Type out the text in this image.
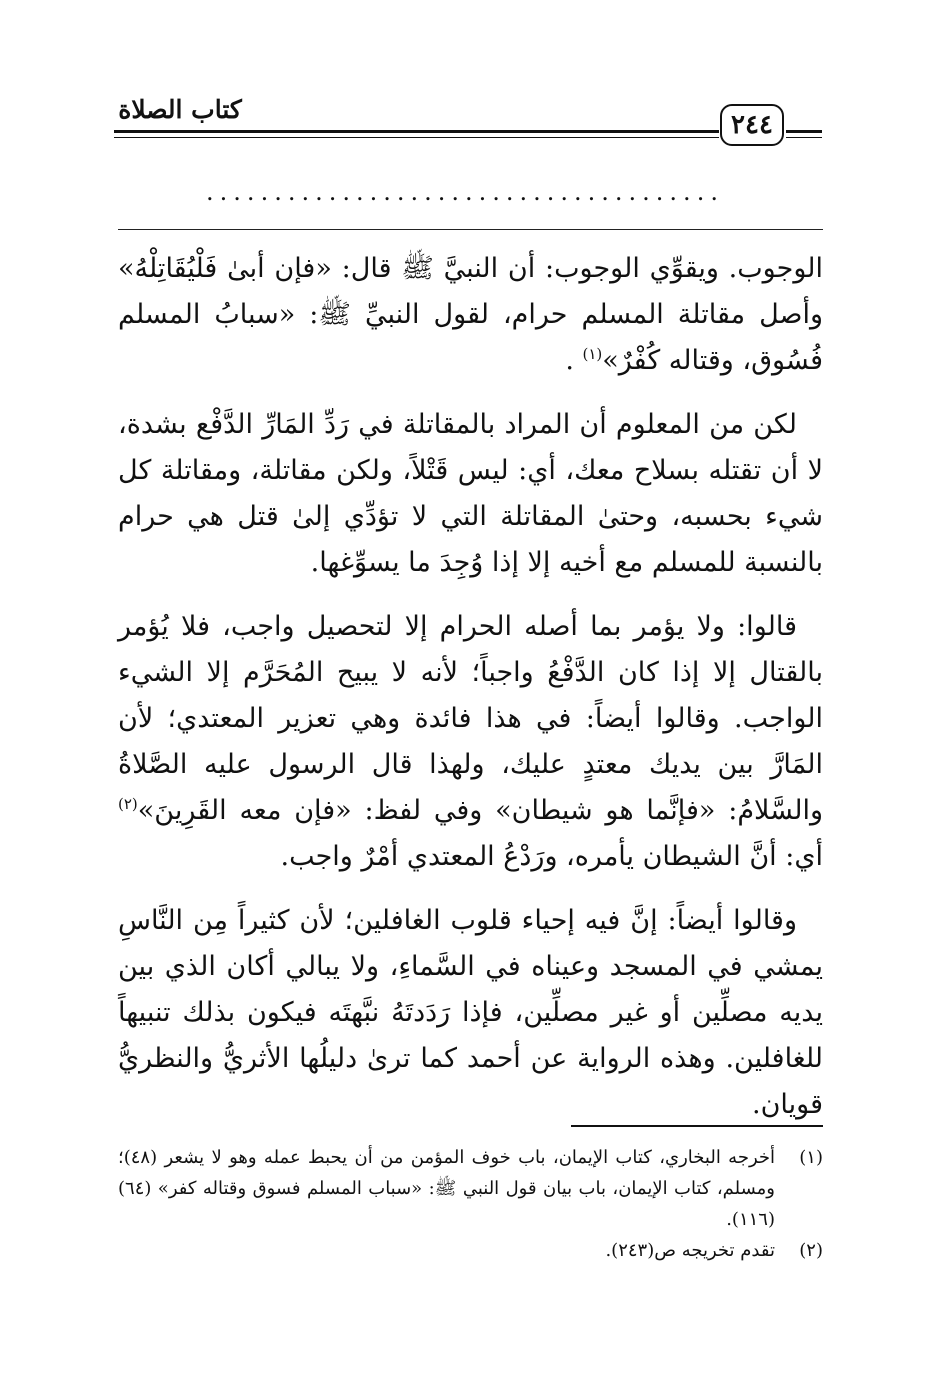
كتاب الصلاة
٢٤٤
......................................

الوجوب. ويقوِّي الوجوب: أن النبيَّ ﷺ قال: «فإن أبىٰ فَلْيُقَاتِلْهُ» وأصل مقاتلة المسلم حرام، لقول النبيِّ ﷺ: «سبابُ المسلم فُسُوق، وقتاله كُفْرٌ»$^{(١)}$ .

لكن من المعلوم أن المراد بالمقاتلة في رَدِّ المَارِّ الدَّفْع بشدة، لا أن تقتله بسلاح معك، أي: ليس قَتْلاً، ولكن مقاتلة، ومقاتلة كل شيء بحسبه، وحتىٰ المقاتلة التي لا تؤدِّي إلىٰ قتل هي حرام بالنسبة للمسلم مع أخيه إلا إذا وُجِدَ ما يسوِّغها.

قالوا: ولا يؤمر بما أصله الحرام إلا لتحصيل واجب، فلا يُؤمر بالقتال إلا إذا كان الدَّفْعُ واجباً؛ لأنه لا يبيح المُحَرَّم إلا الشيء الواجب. وقالوا أيضاً: في هذا فائدة وهي تعزير المعتدي؛ لأن المَارَّ بين يديك معتدٍ عليك، ولهذا قال الرسول عليه الصَّلاةُ والسَّلامُ: «فإنَّما هو شيطان» وفي لفظ: «فإن معه القَرِينَ»$^{(٢)}$ أي: أنَّ الشيطان يأمره، ورَدْعُ المعتدي أمْرٌ واجب.

وقالوا أيضاً: إنَّ فيه إحياء قلوب الغافلين؛ لأن كثيراً مِن النَّاسِ يمشي في المسجد وعيناه في السَّماءِ، ولا يبالي أكان الذي بين يديه مصلِّين أو غير مصلِّين، فإذا رَدَدتَهُ نبَّهتَه فيكون بذلك تنبيهاً للغافلين. وهذه الرواية عن أحمد كما ترىٰ دليلُها الأثريُّ والنظريُّ قويان.

(١)
أخرجه البخاري، كتاب الإيمان، باب خوف المؤمن من أن يحبط عمله وهو لا يشعر (٤٨)؛ ومسلم، كتاب الإيمان، باب بيان قول النبي ﷺ: «سباب المسلم فسوق وقتاله كفر» (٦٤) (١١٦).
(٢)
تقدم تخريجه ص(٢٤٣).
